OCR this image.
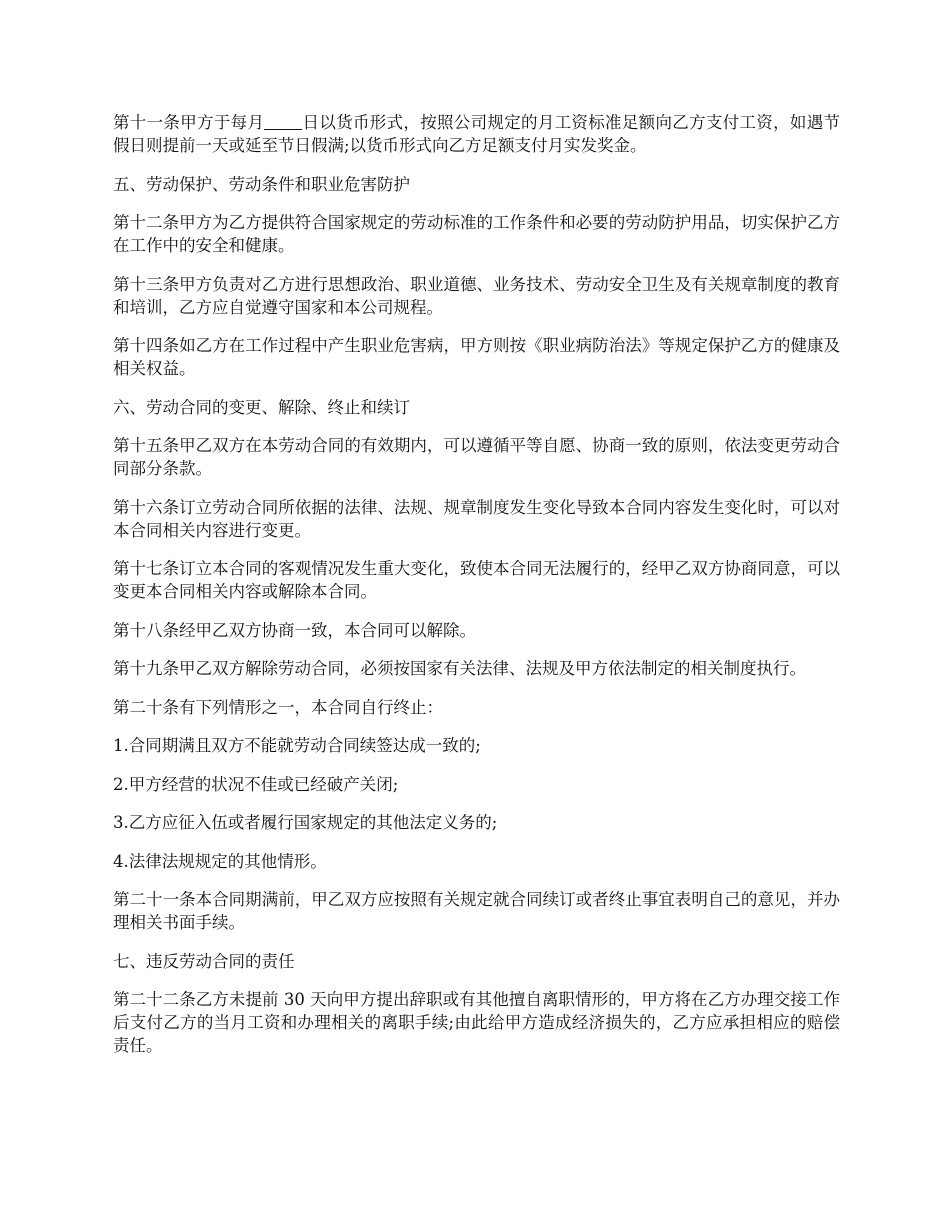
第十一条甲方于每月 日以货币形式，按照公司规定的月工资标准足额向乙方支付工资，如遇节假日则提前一天或延至节日假满;以货币形式向乙方足额支付月实发奖金。

五、劳动保护、劳动条件和职业危害防护

第十二条甲方为乙方提供符合国家规定的劳动标准的工作条件和必要的劳动防护用品，切实保护乙方在工作中的安全和健康。

第十三条甲方负责对乙方进行思想政治、职业道德、业务技术、劳动安全卫生及有关规章制度的教育和培训，乙方应自觉遵守国家和本公司规程。

第十四条如乙方在工作过程中产生职业危害病，甲方则按《职业病防治法》等规定保护乙方的健康及相关权益。

六、劳动合同的变更、解除、终止和续订

第十五条甲乙双方在本劳动合同的有效期内，可以遵循平等自愿、协商一致的原则，依法变更劳动合同部分条款。

第十六条订立劳动合同所依据的法律、法规、规章制度发生变化导致本合同内容发生变化时，可以对本合同相关内容进行变更。

第十七条订立本合同的客观情况发生重大变化，致使本合同无法履行的，经甲乙双方协商同意，可以变更本合同相关内容或解除本合同。

第十八条经甲乙双方协商一致，本合同可以解除。

第十九条甲乙双方解除劳动合同，必须按国家有关法律、法规及甲方依法制定的相关制度执行。

第二十条有下列情形之一，本合同自行终止：

1.合同期满且双方不能就劳动合同续签达成一致的;

2.甲方经营的状况不佳或已经破产关闭;

3.乙方应征入伍或者履行国家规定的其他法定义务的;

4.法律法规规定的其他情形。

第二十一条本合同期满前，甲乙双方应按照有关规定就合同续订或者终止事宜表明自己的意见，并办理相关书面手续。

七、违反劳动合同的责任

第二十二条乙方未提前 30 天向甲方提出辞职或有其他擅自离职情形的，甲方将在乙方办理交接工作后支付乙方的当月工资和办理相关的离职手续;由此给甲方造成经济损失的，乙方应承担相应的赔偿责任。
